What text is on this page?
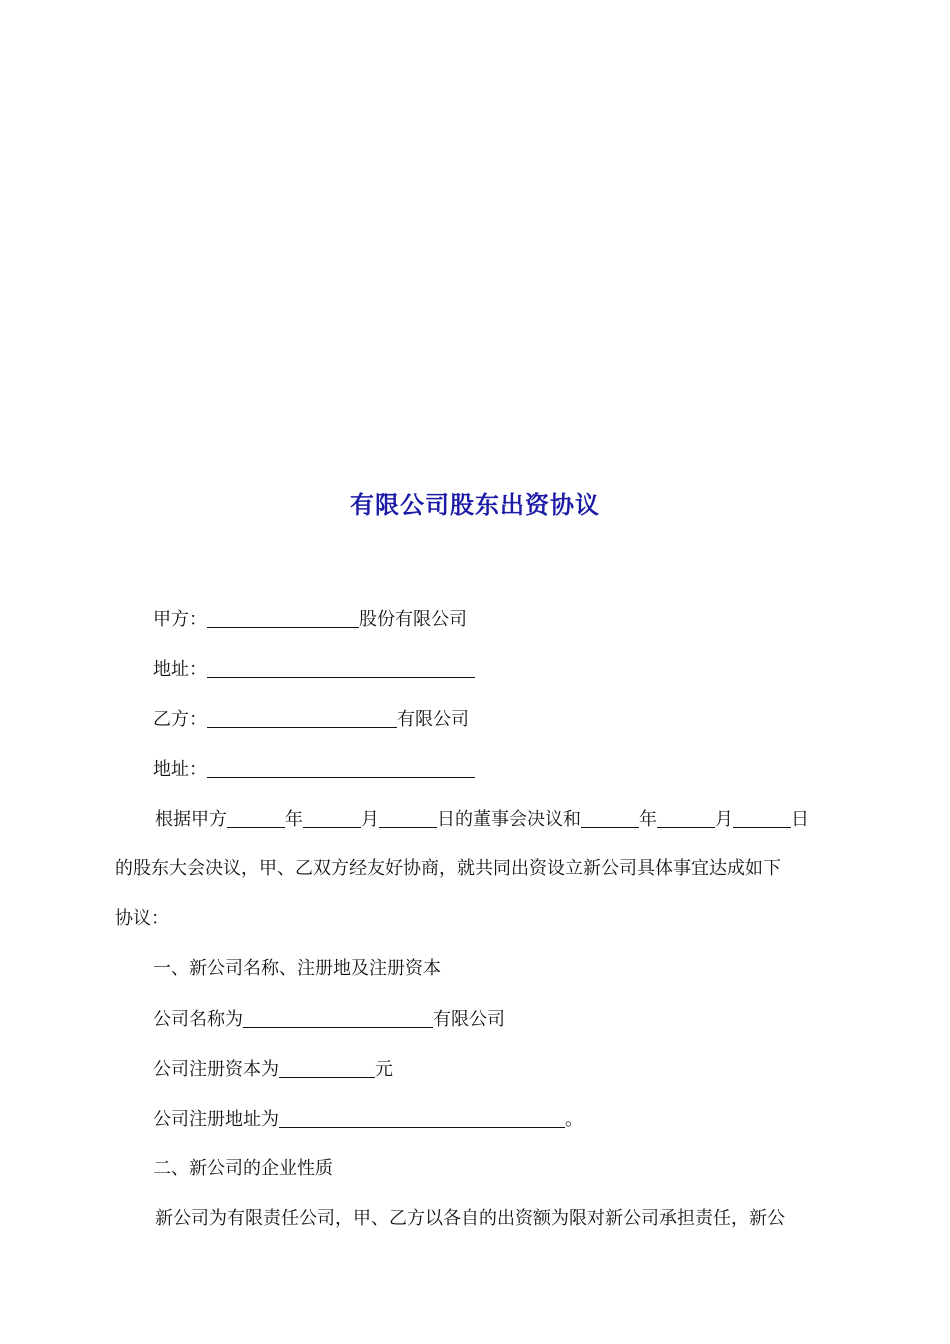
有限公司股东出资协议
甲方：	股份有限公司
地址：
乙方：	有限公司
地址：
根据甲方	年	月	日的董事会决议和	年	月	日
的股东大会决议，甲、乙双方经友好协商，就共同出资设立新公司具体事宜达成如下
协议：
一、新公司名称、注册地及注册资本
公司名称为	有限公司
公司注册资本为	元
公司注册地址为	。
二、新公司的企业性质
新公司为有限责任公司，甲、乙方以各自的出资额为限对新公司承担责任，新公
